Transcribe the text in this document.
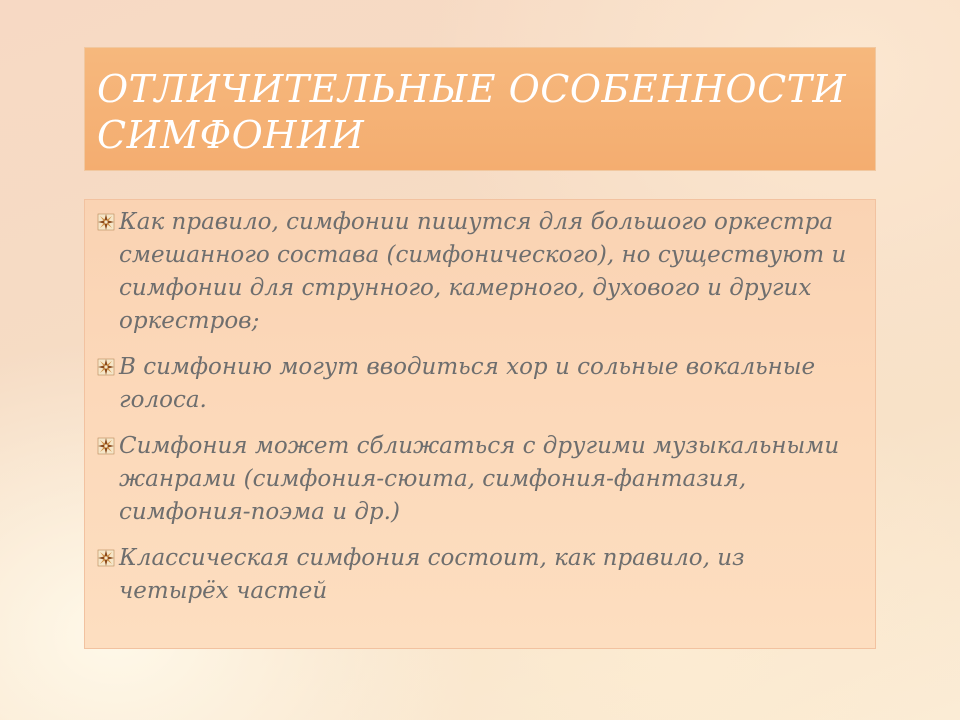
ОТЛИЧИТЕЛЬНЫЕ ОСОБЕННОСТИ СИМФОНИИ
Как правило, симфонии пишутся для большого оркестра смешанного состава (симфонического), но существуют и симфонии для струнного, камерного, духового и других оркестров;
В симфонию могут вводиться хор и сольные вокальные голоса.
Симфония может сближаться с другими музыкальными жанрами (симфония-сюита, симфония-фантазия, симфония-поэма и др.)
Классическая симфония состоит, как правило, из четырёх частей
